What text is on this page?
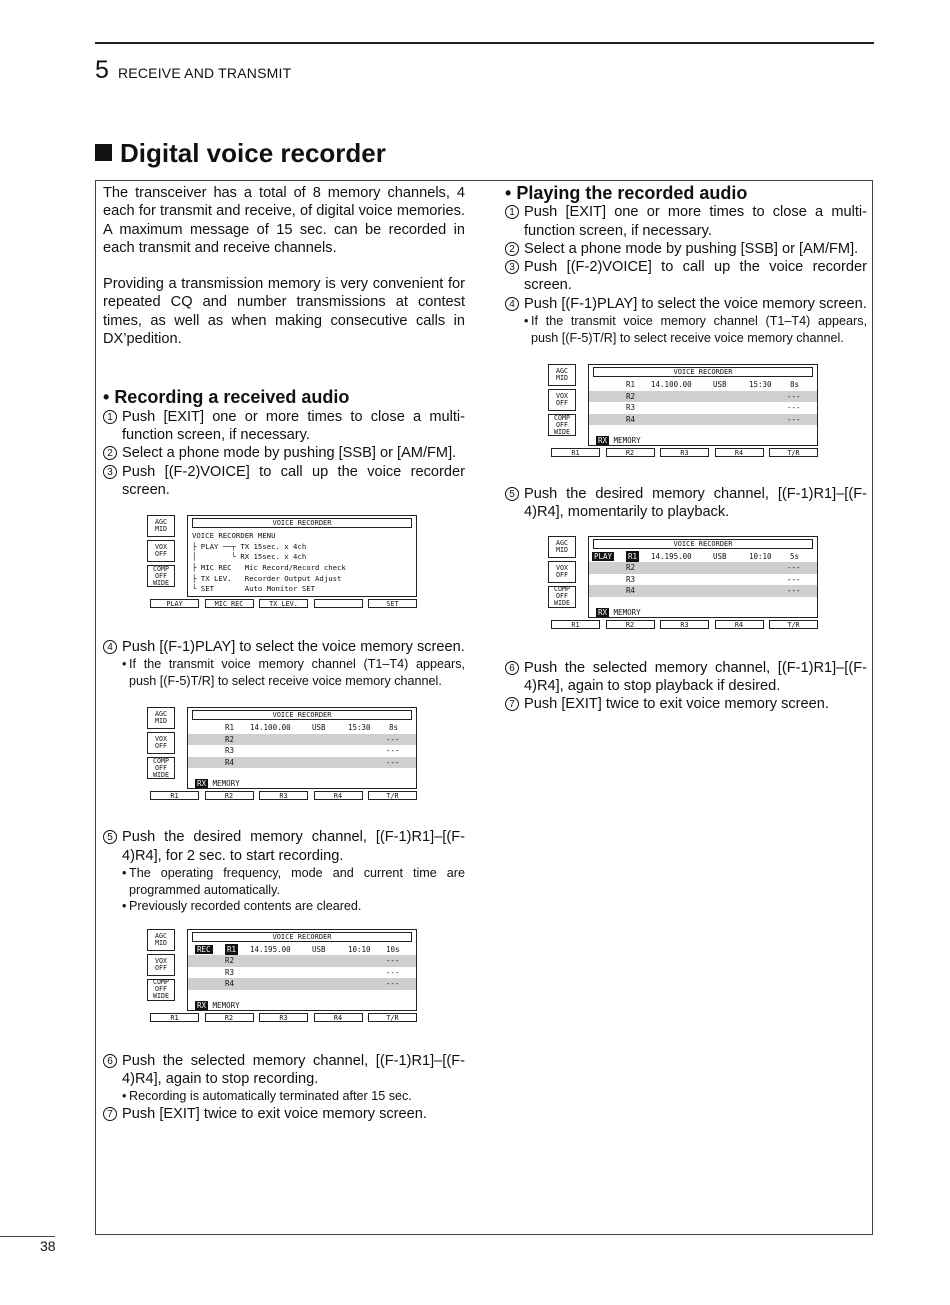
5 RECEIVE AND TRANSMIT
Digital voice recorder

The transceiver has a total of 8 memory channels, 4 each for transmit and receive, of digital voice memories. A maximum message of 15 sec. can be recorded in each transmit and receive channels.

Providing a transmission memory is very convenient for repeated CQ and number transmissions at contest times, as well as when making consecutive calls in DX’pedition.

• Recording a received audio
1 Push [EXIT] one or more times to close a multi-function screen, if necessary.
2 Select a phone mode by pushing [SSB] or [AM/FM].
3 Push [(F-2)VOICE] to call up the voice recorder screen.
AGC
MID
VOX
OFF
COMP
OFF
WIDE
VOICE RECORDER
VOICE RECORDER MENU
├ PLAY ──┬ TX 15sec. x 4ch
│        └ RX 15sec. x 4ch
├ MIC REC Mic Record/Record check
├ TX LEV. Recorder Output Adjust
└ SET	Auto Monitor SET
PLAY	MIC REC	TX LEV.	SET
4 Push [(F-1)PLAY] to select the voice memory screen.
• If the transmit voice memory channel (T1–T4) appears, push [(F-5)T/R] to select receive voice memory channel.
AGC
MID
VOX
OFF
COMP
OFF
WIDE
VOICE RECORDER
R1 14.100.00	USB	15:30 8s
R2	---
R3	---
R4	---
RX MEMORY
R1	R2	R3	R4	T/R
5 Push the desired memory channel, [(F-1)R1]–[(F-4)R4], for 2 sec. to start recording.
• The operating frequency, mode and current time are programmed automatically.
• Previously recorded contents are cleared.
AGC
MID
VOX
OFF
COMP
OFF
WIDE
VOICE RECORDER
REC R1 14.195.00	USB	10:10 10s
R2	---
R3	---
R4	---
RX MEMORY
R1	R2	R3	R4	T/R
6 Push the selected memory channel, [(F-1)R1]–[(F-4)R4], again to stop recording.
• Recording is automatically terminated after 15 sec.
7 Push [EXIT] twice to exit voice memory screen.
• Playing the recorded audio
1 Push [EXIT] one or more times to close a multi-function screen, if necessary.
2 Select a phone mode by pushing [SSB] or [AM/FM].
3 Push [(F-2)VOICE] to call up the voice recorder screen.
4 Push [(F-1)PLAY] to select the voice memory screen.
• If the transmit voice memory channel (T1–T4) appears, push [(F-5)T/R] to select receive voice memory channel.
AGC
MID
VOX
OFF
COMP
OFF
WIDE
VOICE RECORDER
R1 14.100.00	USB	15:30 8s
R2	---
R3	---
R4	---
RX MEMORY
R1	R2	R3	R4	T/R
5 Push the desired memory channel, [(F-1)R1]–[(F-4)R4], momentarily to playback.
AGC
MID
VOX
OFF
COMP
OFF
WIDE
VOICE RECORDER
PLAY R1 14.195.00	USB	10:10 5s
R2	---
R3	---
R4	---
RX MEMORY
R1	R2	R3	R4	T/R
6 Push the selected memory channel, [(F-1)R1]–[(F-4)R4], again to stop playback if desired.
7 Push [EXIT] twice to exit voice memory screen.
38
